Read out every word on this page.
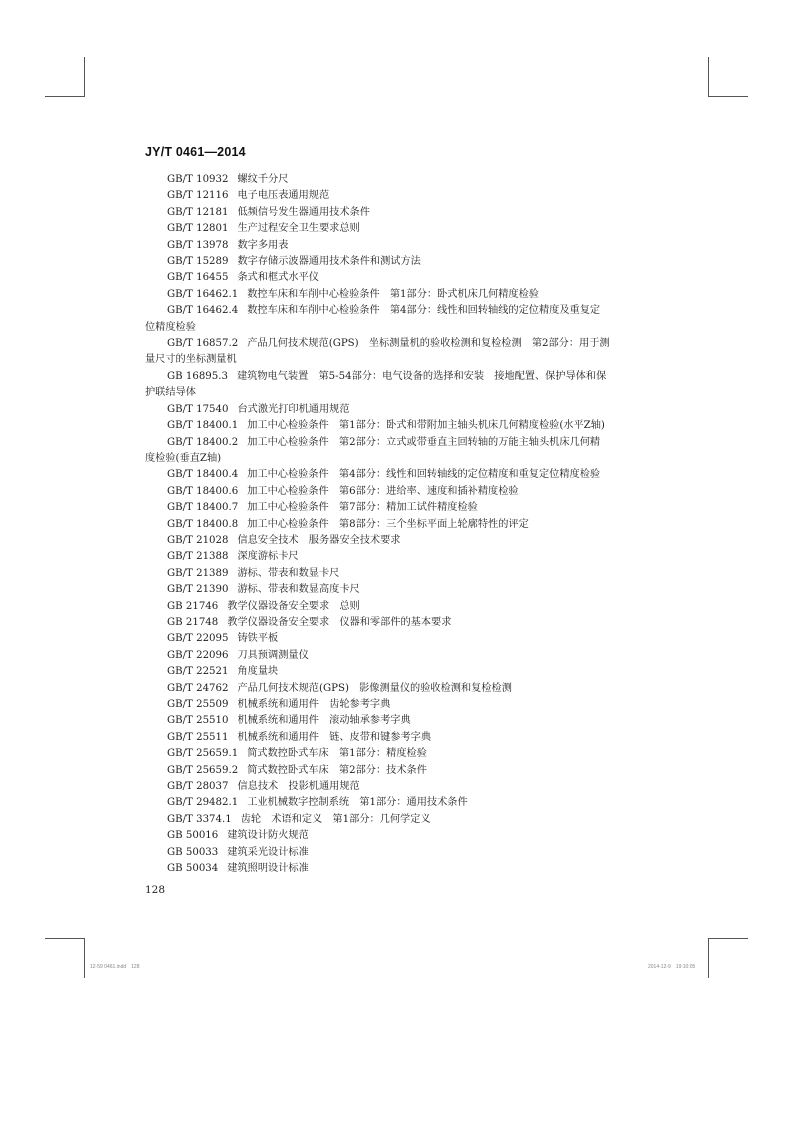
JY/T 0461—2014
GB/T 10932 螺纹千分尺
GB/T 12116 电子电压表通用规范
GB/T 12181 低频信号发生器通用技术条件
GB/T 12801 生产过程安全卫生要求总则
GB/T 13978 数字多用表
GB/T 15289 数字存储示波器通用技术条件和测试方法
GB/T 16455 条式和框式水平仪
GB/T 16462.1 数控车床和车削中心检验条件　第1部分：卧式机床几何精度检验
GB/T 16462.4 数控车床和车削中心检验条件　第4部分：线性和回转轴线的定位精度及重复定
位精度检验
GB/T 16857.2 产品几何技术规范(GPS)　坐标测量机的验收检测和复检检测　第2部分：用于测
量尺寸的坐标测量机
GB 16895.3 建筑物电气装置　第5-54部分：电气设备的选择和安装　接地配置、保护导体和保
护联结导体
GB/T 17540 台式激光打印机通用规范
GB/T 18400.1 加工中心检验条件　第1部分：卧式和带附加主轴头机床几何精度检验(水平Z轴)
GB/T 18400.2 加工中心检验条件　第2部分：立式或带垂直主回转轴的万能主轴头机床几何精
度检验(垂直Z轴)
GB/T 18400.4 加工中心检验条件　第4部分：线性和回转轴线的定位精度和重复定位精度检验
GB/T 18400.6 加工中心检验条件　第6部分：进给率、速度和插补精度检验
GB/T 18400.7 加工中心检验条件　第7部分：精加工试件精度检验
GB/T 18400.8 加工中心检验条件　第8部分：三个坐标平面上轮廓特性的评定
GB/T 21028 信息安全技术　服务器安全技术要求
GB/T 21388 深度游标卡尺
GB/T 21389 游标、带表和数显卡尺
GB/T 21390 游标、带表和数显高度卡尺
GB 21746 教学仪器设备安全要求　总则
GB 21748 教学仪器设备安全要求　仪器和零部件的基本要求
GB/T 22095 铸铁平板
GB/T 22096 刀具预调测量仪
GB/T 22521 角度量块
GB/T 24762 产品几何技术规范(GPS)　影像测量仪的验收检测和复检检测
GB/T 25509 机械系统和通用件　齿轮参考字典
GB/T 25510 机械系统和通用件　滚动轴承参考字典
GB/T 25511 机械系统和通用件　链、皮带和键参考字典
GB/T 25659.1 简式数控卧式车床　第1部分：精度检验
GB/T 25659.2 简式数控卧式车床　第2部分：技术条件
GB/T 28037 信息技术　投影机通用规范
GB/T 29482.1 工业机械数字控制系统　第1部分：通用技术条件
GB/T 3374.1 齿轮　术语和定义　第1部分：几何学定义
GB 50016 建筑设计防火规范
GB 50033 建筑采光设计标准
GB 50034 建筑照明设计标准
128
12-59 0461.indd　128	2014-12-9　19:10:05
